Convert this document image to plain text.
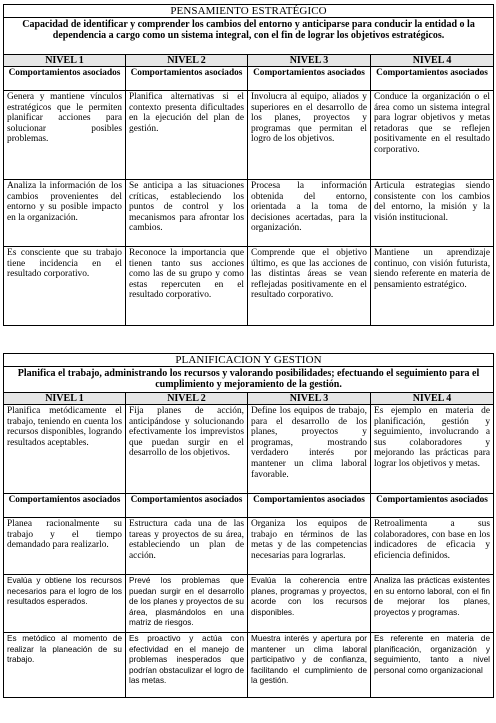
PENSAMIENTO ESTRATÉGICO			
Capacidad de identificar y comprender los cambios del entorno y anticiparse para conducir la entidad o la dependencia a cargo como un sistema integral, con el fin de lograr los objetivos estratégicos.			
NIVEL 1	NIVEL 2	NIVEL 3	NIVEL 4
Comportamientos asociados	Comportamientos asociados	Comportamientos asociados	Comportamientos asociados
Genera y mantiene vínculos estratégicos que le permiten planificar acciones para solucionar posibles problemas.	Planifica alternativas si el contexto presenta dificultades en la ejecución del plan de gestión.	Involucra al equipo, aliados y superiores en el desarrollo de los planes, proyectos y programas que permitan el logro de los objetivos.	Conduce la organización o el área como un sistema integral para lograr objetivos y metas retadoras que se reflejen positivamente en el resultado corporativo.
Analiza la información de los cambios provenientes del entorno y su posible impacto en la organización.	Se anticipa a las situaciones críticas, estableciendo los puntos de control y los mecanismos para afrontar los cambios.	Procesa la información obtenida del entorno, orientada a la toma de decisiones acertadas, para la organización.	Articula estrategias siendo consistente con los cambios del entorno, la misión y la visión institucional.
Es consciente que su trabajo tiene incidencia en el resultado corporativo.	Reconoce la importancia que tienen tanto sus acciones como las de su grupo y como estas repercuten en el resultado corporativo.	Comprende que el objetivo último, es que las acciones de las distintas áreas se vean reflejadas positivamente en el resultado corporativo.	Mantiene un aprendizaje continuo, con visión futurista, siendo referente en materia de pensamiento estratégico.
PLANIFICACION Y GESTION			
Planifica el trabajo, administrando los recursos y valorando posibilidades; efectuando el seguimiento para el cumplimiento y mejoramiento de la gestión.			
NIVEL 1	NIVEL 2	NIVEL 3	NIVEL 4
Planifica metódicamente el trabajo, teniendo en cuenta los recursos disponibles, logrando resultados aceptables.	Fija planes de acción, anticipándose y solucionando efectivamente los imprevistos que puedan surgir en el desarrollo de los objetivos.	Define los equipos de trabajo, para el desarrollo de los planes, proyectos y programas, mostrando verdadero interés por mantener un clima laboral favorable.	Es ejemplo en materia de planificación, gestión y seguimiento, involucrando a sus colaboradores y mejorando las prácticas para lograr los objetivos y metas.
Comportamientos asociados	Comportamientos asociados	Comportamientos asociados	Comportamientos asociados
Planea racionalmente su trabajo y el tiempo demandado para realizarlo.	Estructura cada una de las tareas y proyectos de su área, estableciendo un plan de acción.	Organiza los equipos de trabajo en términos de las metas y de las competencias necesarias para lograrlas.	Retroalimenta a sus colaboradores, con base en los indicadores de eficacia y eficiencia definidos.
Evalúa y obtiene los recursos necesarios para el logro de los resultados esperados.	Prevé los problemas que puedan surgir en el desarrollo de los planes y proyectos de su área, plasmándolos en una matriz de riesgos.	Evalúa la coherencia entre planes, programas y proyectos, acorde con los recursos disponibles.	Analiza las prácticas existentes en su entorno laboral, con el fin de mejorar los planes, proyectos y programas.
Es metódico al momento de realizar la planeación de su trabajo.	Es proactivo y actúa con efectividad en el manejo de problemas inesperados que podrían obstaculizar el logro de las metas.	Muestra interés y apertura por mantener un clima laboral participativo y de confianza, facilitando el cumplimiento de la gestión.	Es referente en materia de planificación, organización y seguimiento, tanto a nivel personal como organizacional
